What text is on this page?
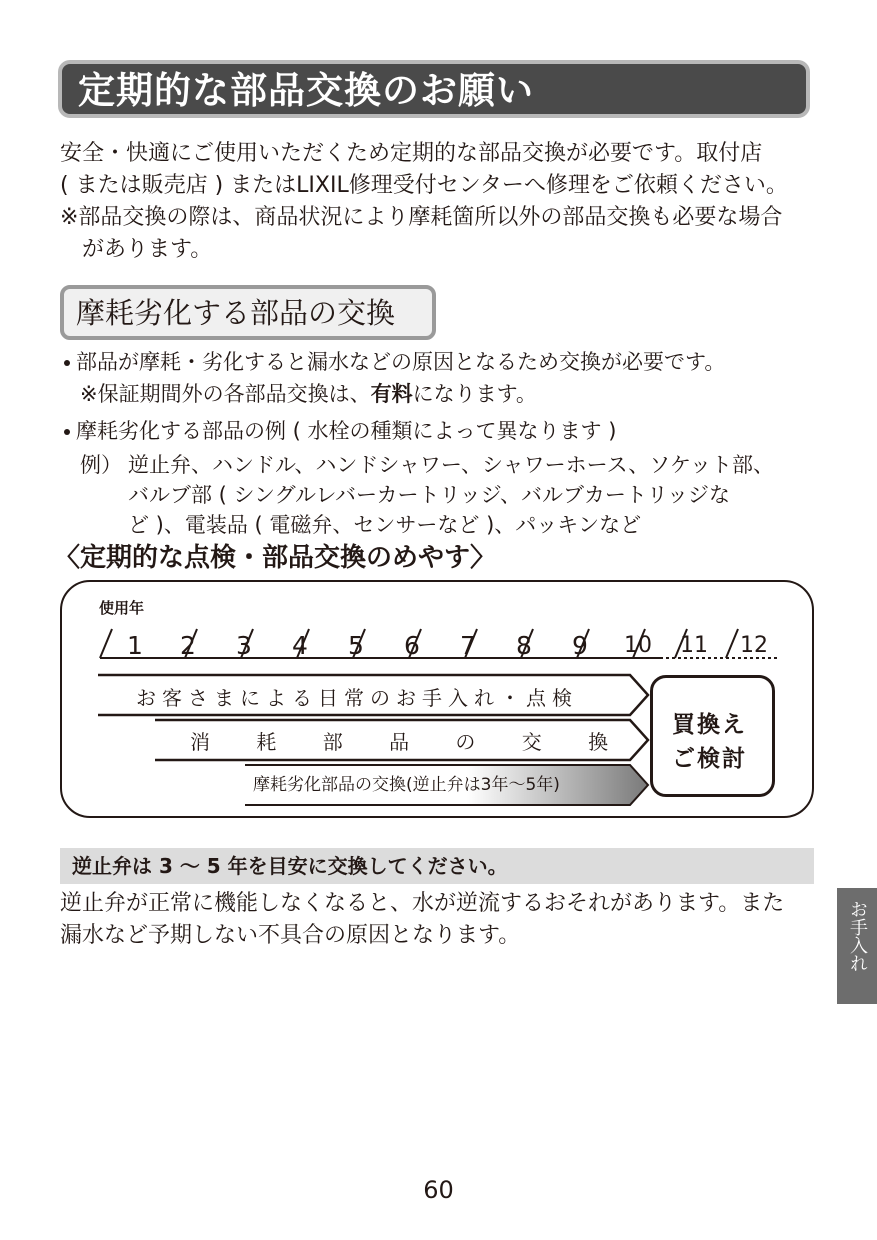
定期的な部品交換のお願い
安全・快適にご使用いただくため定期的な部品交換が必要です。取付店
( または販売店 ) またはLIXIL修理受付センターへ修理をご依頼ください。
※部品交換の際は、商品状況により摩耗箇所以外の部品交換も必要な場合
があります。
摩耗劣化する部品の交換
部品が摩耗・劣化すると漏水などの原因となるため交換が必要です。
※保証期間外の各部品交換は、有料になります。
摩耗劣化する部品の例 ( 水栓の種類によって異なります )
例） 逆止弁、ハンドル、ハンドシャワー、シャワーホース、ソケット部、
バルブ部 ( シングルレバーカートリッジ、バルブカートリッジな
ど )、電装品 ( 電磁弁、センサーなど )、パッキンなど
〈定期的な点検・部品交換のめやす〉
使用年
1 2 3 4 5 6 7 8 9 10 11 12
お客さまによる日常のお手入れ・点検
消 耗 部 品 の 交 換
摩耗劣化部品の交換(逆止弁は3年～5年)
買換え
ご検討
逆止弁は 3 ～ 5 年を目安に交換してください。
逆止弁が正常に機能しなくなると、水が逆流するおそれがあります。また
漏水など予期しない不具合の原因となります。	お手入れ
60
